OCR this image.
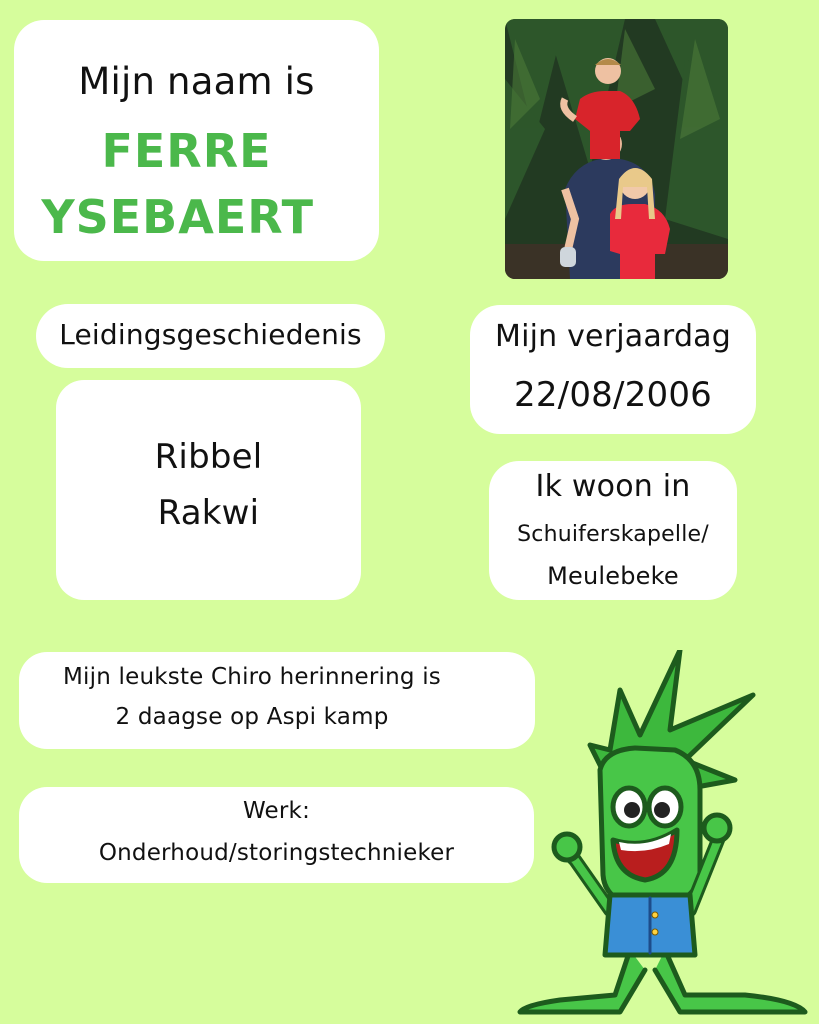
Mijn naam is
FERRE
YSEBAERT
Leidingsgeschiedenis
Ribbel
Rakwi
Mijn verjaardag
22/08/2006
Ik woon in
Schuiferskapelle/
Meulebeke
Mijn leukste Chiro herinnering is
2 daagse op Aspi kamp
Werk:
Onderhoud/storingstechnieker
